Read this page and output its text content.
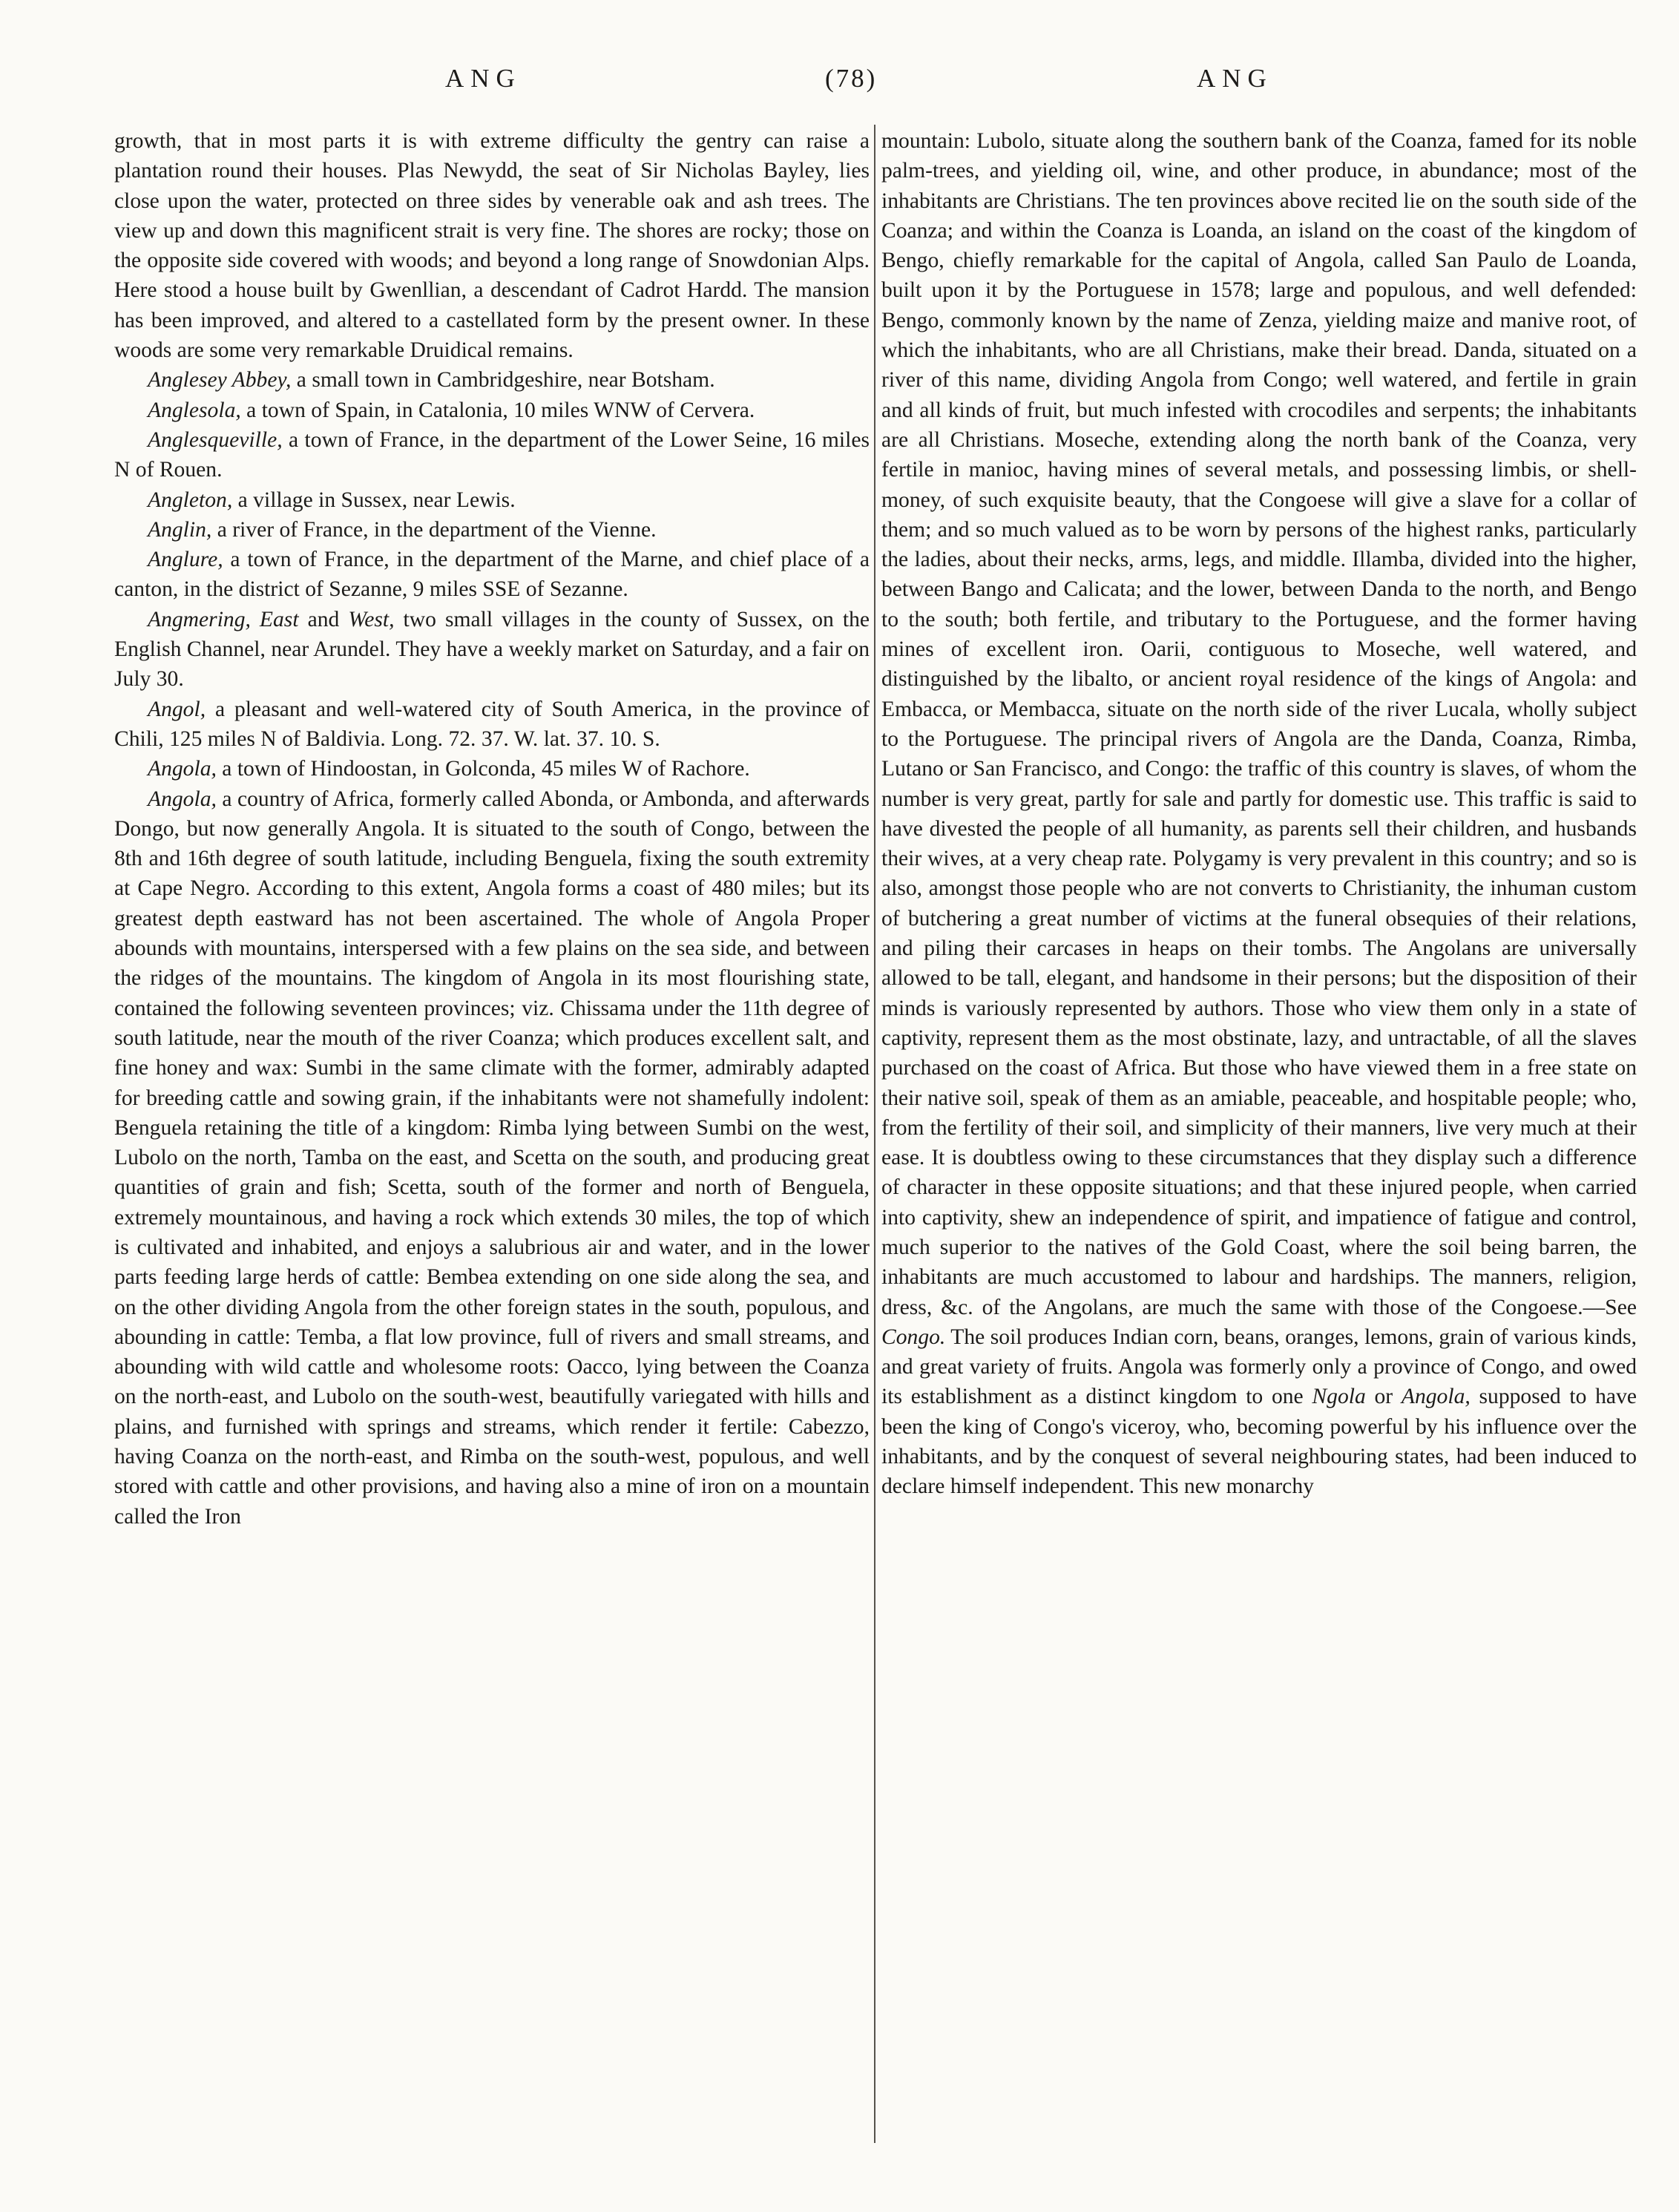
ANG	(78)	ANG

growth, that in most parts it is with extreme difficulty the gentry can raise a plantation round their houses. Plas Newydd, the seat of Sir Nicholas Bayley, lies close upon the water, protected on three sides by venerable oak and ash trees. The view up and down this magnificent strait is very fine. The shores are rocky; those on the opposite side covered with woods; and beyond a long range of Snowdonian Alps. Here stood a house built by Gwenllian, a descendant of Cadrot Hardd. The mansion has been improved, and altered to a castellated form by the present owner. In these woods are some very remarkable Druidical remains.

Anglesey Abbey, a small town in Cambridgeshire, near Botsham.

Anglesola, a town of Spain, in Catalonia, 10 miles WNW of Cervera.

Anglesqueville, a town of France, in the department of the Lower Seine, 16 miles N of Rouen.

Angleton, a village in Sussex, near Lewis.

Anglin, a river of France, in the department of the Vienne.

Anglure, a town of France, in the department of the Marne, and chief place of a canton, in the district of Sezanne, 9 miles SSE of Sezanne.

Angmering, East and West, two small villages in the county of Sussex, on the English Channel, near Arundel. They have a weekly market on Saturday, and a fair on July 30.

Angol, a pleasant and well-watered city of South America, in the province of Chili, 125 miles N of Baldivia. Long. 72. 37. W. lat. 37. 10. S.

Angola, a town of Hindoostan, in Golconda, 45 miles W of Rachore.

Angola, a country of Africa, formerly called Abonda, or Ambonda, and afterwards Dongo, but now generally Angola. It is situated to the south of Congo, between the 8th and 16th degree of south latitude, including Benguela, fixing the south extremity at Cape Negro. According to this extent, Angola forms a coast of 480 miles; but its greatest depth eastward has not been ascertained. The whole of Angola Proper abounds with mountains, interspersed with a few plains on the sea side, and between the ridges of the mountains. The kingdom of Angola in its most flourishing state, contained the following seventeen provinces; viz. Chissama under the 11th degree of south latitude, near the mouth of the river Coanza; which produces excellent salt, and fine honey and wax: Sumbi in the same climate with the former, admirably adapted for breeding cattle and sowing grain, if the inhabitants were not shamefully indolent: Benguela retaining the title of a kingdom: Rimba lying between Sumbi on the west, Lubolo on the north, Tamba on the east, and Scetta on the south, and producing great quantities of grain and fish; Scetta, south of the former and north of Benguela, extremely mountainous, and having a rock which extends 30 miles, the top of which is cultivated and inhabited, and enjoys a salubrious air and water, and in the lower parts feeding large herds of cattle: Bembea extending on one side along the sea, and on the other dividing Angola from the other foreign states in the south, populous, and abounding in cattle: Temba, a flat low province, full of rivers and small streams, and abounding with wild cattle and wholesome roots: Oacco, lying between the Coanza on the north-east, and Lubolo on the south-west, beautifully variegated with hills and plains, and furnished with springs and streams, which render it fertile: Cabezzo, having Coanza on the north-east, and Rimba on the south-west, populous, and well stored with cattle and other provisions, and having also a mine of iron on a mountain called the Iron

mountain: Lubolo, situate along the southern bank of the Coanza, famed for its noble palm-trees, and yielding oil, wine, and other produce, in abundance; most of the inhabitants are Christians. The ten provinces above recited lie on the south side of the Coanza; and within the Coanza is Loanda, an island on the coast of the kingdom of Bengo, chiefly remarkable for the capital of Angola, called San Paulo de Loanda, built upon it by the Portuguese in 1578; large and populous, and well defended: Bengo, commonly known by the name of Zenza, yielding maize and manive root, of which the inhabitants, who are all Christians, make their bread. Danda, situated on a river of this name, dividing Angola from Congo; well watered, and fertile in grain and all kinds of fruit, but much infested with crocodiles and serpents; the inhabitants are all Christians. Moseche, extending along the north bank of the Coanza, very fertile in manioc, having mines of several metals, and possessing limbis, or shell-money, of such exquisite beauty, that the Congoese will give a slave for a collar of them; and so much valued as to be worn by persons of the highest ranks, particularly the ladies, about their necks, arms, legs, and middle. Illamba, divided into the higher, between Bango and Calicata; and the lower, between Danda to the north, and Bengo to the south; both fertile, and tributary to the Portuguese, and the former having mines of excellent iron. Oarii, contiguous to Moseche, well watered, and distinguished by the libalto, or ancient royal residence of the kings of Angola: and Embacca, or Membacca, situate on the north side of the river Lucala, wholly subject to the Portuguese. The principal rivers of Angola are the Danda, Coanza, Rimba, Lutano or San Francisco, and Congo: the traffic of this country is slaves, of whom the number is very great, partly for sale and partly for domestic use. This traffic is said to have divested the people of all humanity, as parents sell their children, and husbands their wives, at a very cheap rate. Polygamy is very prevalent in this country; and so is also, amongst those people who are not converts to Christianity, the inhuman custom of butchering a great number of victims at the funeral obsequies of their relations, and piling their carcases in heaps on their tombs. The Angolans are universally allowed to be tall, elegant, and handsome in their persons; but the disposition of their minds is variously represented by authors. Those who view them only in a state of captivity, represent them as the most obstinate, lazy, and untractable, of all the slaves purchased on the coast of Africa. But those who have viewed them in a free state on their native soil, speak of them as an amiable, peaceable, and hospitable people; who, from the fertility of their soil, and simplicity of their manners, live very much at their ease. It is doubtless owing to these circumstances that they display such a difference of character in these opposite situations; and that these injured people, when carried into captivity, shew an independence of spirit, and impatience of fatigue and control, much superior to the natives of the Gold Coast, where the soil being barren, the inhabitants are much accustomed to labour and hardships. The manners, religion, dress, &c. of the Angolans, are much the same with those of the Congoese.—See Congo. The soil produces Indian corn, beans, oranges, lemons, grain of various kinds, and great variety of fruits. Angola was formerly only a province of Congo, and owed its establishment as a distinct kingdom to one Ngola or Angola, supposed to have been the king of Congo's viceroy, who, becoming powerful by his influence over the inhabitants, and by the conquest of several neighbouring states, had been induced to declare himself independent. This new monarchy
